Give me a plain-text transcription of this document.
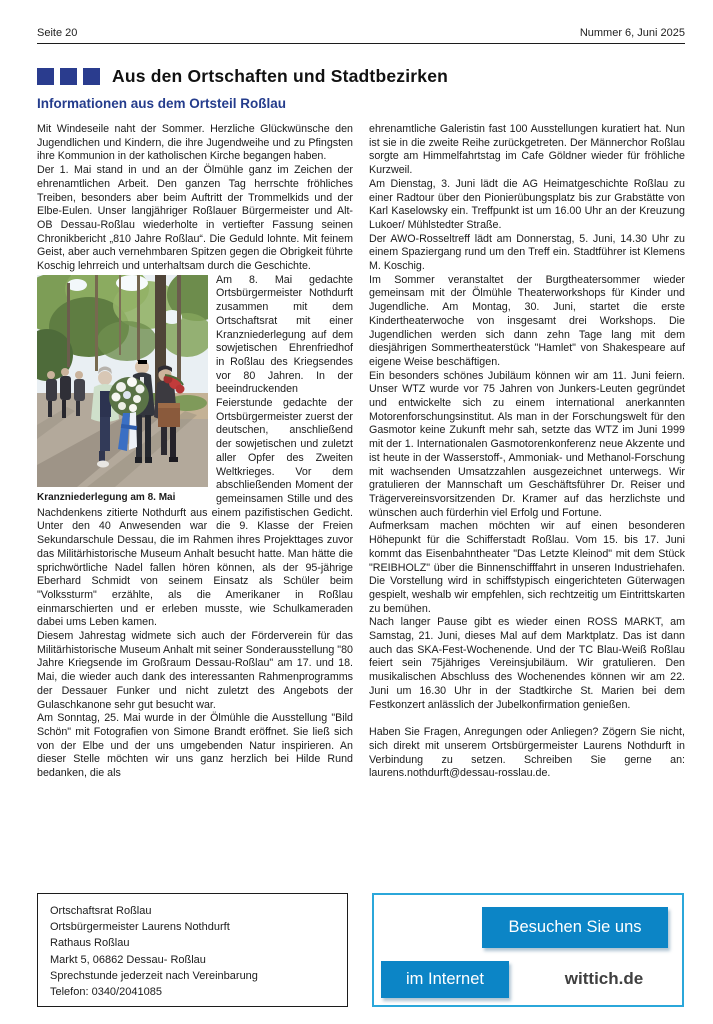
Seite 20	Nummer 6, Juni 2025
Aus den Ortschaften und Stadtbezirken
Informationen aus dem Ortsteil Roßlau

Mit Windeseile naht der Sommer. Herzliche Glückwünsche den Jugendlichen und Kindern, die ihre Jugendweihe und zu Pfingsten ihre Kommunion in der katholischen Kirche begangen haben.

Der 1. Mai stand in und an der Ölmühle ganz im Zeichen der ehrenamtlichen Arbeit. Den ganzen Tag herrschte fröhliches Treiben, besonders aber beim Auftritt der Trommelkids und der Elbe-Eulen. Unser langjähriger Roßlauer Bürgermeister und Alt-OB Dessau-Roßlau wiederholte in vertiefter Fassung seinen Chronikbericht „810 Jahre Roßlau“. Die Geduld lohnte. Mit feinem Geist, aber auch vernehmbaren Spitzen gegen die Obrigkeit führte Koschig lehrreich und unterhaltsam durch die Geschichte.

Kranzniederlegung am 8. Mai

Am 8. Mai gedachte Ortsbürgermeister Nothdurft zusammen mit dem Ortschaftsrat mit einer Kranzniederlegung auf dem sowjetischen Ehrenfriedhof in Roßlau des Kriegsendes vor 80 Jahren. In der beeindruckenden Feierstunde gedachte der Ortsbürgermeister zuerst der deutschen, anschließend der sowjetischen und zuletzt aller Opfer des Zweiten Weltkrieges. Vor dem abschließenden Moment der gemeinsamen Stille und des Nachdenkens zitierte Nothdurft aus einem pazifistischen Gedicht. Unter den 40 Anwesenden war die 9. Klasse der Freien Sekundarschule Dessau, die im Rahmen ihres Projekttages zuvor das Militärhistorische Museum Anhalt besucht hatte. Man hätte die sprichwörtliche Nadel fallen hören können, als der 95-jährige Eberhard Schmidt von seinem Einsatz als Schüler beim "Volkssturm" erzählte, als die Amerikaner in Roßlau einmarschierten und er erleben musste, wie Schulkameraden dabei ums Leben kamen.

Diesem Jahrestag widmete sich auch der Förderverein für das Militärhistorische Museum Anhalt mit seiner Sonderausstellung "80 Jahre Kriegsende im Großraum Dessau-Roßlau" am 17. und 18. Mai, die wieder auch dank des interessanten Rahmenprogramms der Dessauer Funker und nicht zuletzt des Angebots der Gulaschkanone sehr gut besucht war.

Am Sonntag, 25. Mai wurde in der Ölmühle die Ausstellung "Bild Schön" mit Fotografien von Simone Brandt eröffnet. Sie ließ sich von der Elbe und der uns umgebenden Natur inspirieren. An dieser Stelle möchten wir uns ganz herzlich bei Hilde Rund bedanken, die als

ehrenamtliche Galeristin fast 100 Ausstellungen kuratiert hat. Nun ist sie in die zweite Reihe zurückgetreten. Der Männerchor Roßlau sorgte am Himmelfahrtstag im Cafe Göldner wieder für fröhliche Kurzweil.

Am Dienstag, 3. Juni lädt die AG Heimatgeschichte Roßlau zu einer Radtour über den Pionierübungsplatz bis zur Grabstätte von Karl Kaselowsky ein. Treffpunkt ist um 16.00 Uhr an der Kreuzung Lukoer/ Mühlstedter Straße.

Der AWO-Rosseltreff lädt am Donnerstag, 5. Juni, 14.30 Uhr zu einem Spaziergang rund um den Treff ein. Stadtführer ist Klemens M. Koschig.

Im Sommer veranstaltet der Burgtheatersommer wieder gemeinsam mit der Ölmühle Theaterworkshops für Kinder und Jugendliche. Am Montag, 30. Juni, startet die erste Kindertheaterwoche von insgesamt drei Workshops. Die Jugendlichen werden sich dann zehn Tage lang mit dem diesjährigen Sommertheaterstück "Hamlet" von Shakespeare auf eigene Weise beschäftigen.

Ein besonders schönes Jubiläum können wir am 11. Juni feiern. Unser WTZ wurde vor 75 Jahren von Junkers-Leuten gegründet und entwickelte sich zu einem international anerkannten Motorenforschungsinstitut. Als man in der Forschungswelt für den Gasmotor keine Zukunft mehr sah, setzte das WTZ im Juni 1999 mit der 1. Internationalen Gasmotorenkonferenz neue Akzente und ist heute in der Wasserstoff-, Ammoniak- und Methanol-Forschung mit wachsenden Umsatzzahlen ausgezeichnet unterwegs. Wir gratulieren der Mannschaft um Geschäftsführer Dr. Reiser und Trägervereinsvorsitzenden Dr. Kramer auf das herzlichste und wünschen auch fürderhin viel Erfolg und Fortune.

Aufmerksam machen möchten wir auf einen besonderen Höhepunkt für die Schifferstadt Roßlau. Vom 15. bis 17. Juni kommt das Eisenbahntheater "Das Letzte Kleinod" mit dem Stück "REIBHOLZ" über die Binnenschifffahrt in unseren Industriehafen. Die Vorstellung wird in schiffstypisch eingerichteten Güterwagen gespielt, weshalb wir empfehlen, sich rechtzeitig um Eintrittskarten zu bemühen.

Nach langer Pause gibt es wieder einen ROSS MARKT, am Samstag, 21. Juni, dieses Mal auf dem Marktplatz. Das ist dann auch das SKA-Fest-Wochenende. Und der TC Blau-Weiß Roßlau feiert sein 75jähriges Vereinsjubiläum. Wir gratulieren. Den musikalischen Abschluss des Wochenendes können wir am 22. Juni um 16.30 Uhr in der Stadtkirche St. Marien bei dem Festkonzert anlässlich der Jubelkonfirmation genießen.

Haben Sie Fragen, Anregungen oder Anliegen? Zögern Sie nicht, sich direkt mit unserem Ortsbürgermeister Laurens Nothdurft in Verbindung zu setzen. Schreiben Sie gerne an: laurens.nothdurft@dessau-rosslau.de.

Ortschaftsrat Roßlau
Ortsbürgermeister Laurens Nothdurft
Rathaus Roßlau
Markt 5, 06862 Dessau- Roßlau
Sprechstunde jederzeit nach Vereinbarung
Telefon: 0340/2041085
Besuchen Sie uns
im Internet	wittich.de
